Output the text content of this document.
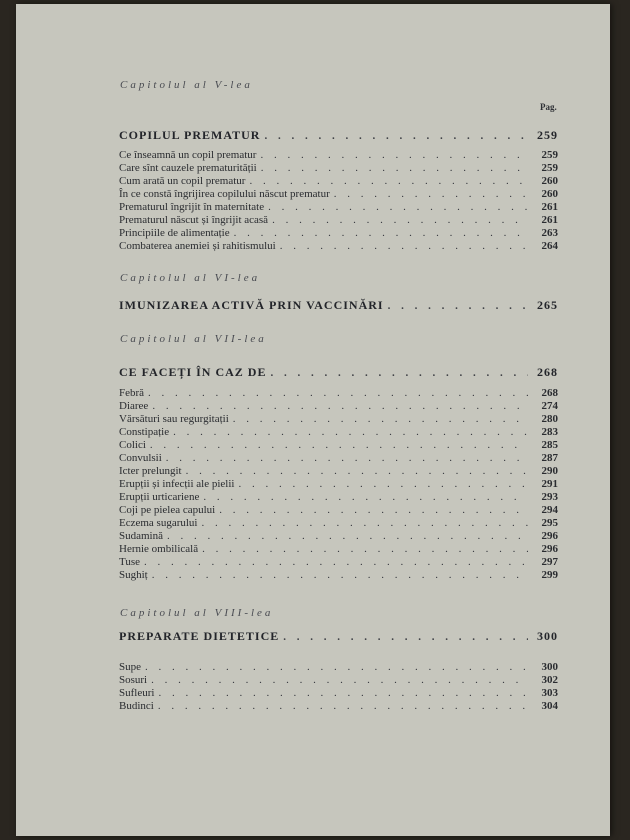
Capitolul al V-lea
Pag.
COPILUL PREMATUR . . .	259
Ce înseamnă un copil prematur . . .	259
Care sînt cauzele prematurității . . .	259
Cum arată un copil prematur . . .	260
În ce constă îngrijirea copilului născut prematur . . .	260
Prematurul îngrijit în maternitate . . .	261
Prematurul născut și îngrijit acasă . . .	261
Principiile de alimentație . . .	263
Combaterea anemiei și rahitismului . . .	264
Capitolul al VI-lea
IMUNIZAREA ACTIVĂ PRIN VACCINĂRI . . .	265
Capitolul al VII-lea
CE FACEȚI ÎN CAZ DE . . .	268
Febră . . .	268
Diaree . . .	274
Vărsături sau regurgitații . . .	280
Constipație . . .	283
Colici . . .	285
Convulsii . . .	287
Icter prelungit . . .	290
Erupții și infecții ale pielii . . .	291
Erupții urticariene . . .	293
Coji pe pielea capului . . .	294
Eczema sugarului . . .	295
Sudamină . . .	296
Hernie ombilicală . . .	296
Tuse . . .	297
Sughiț . . .	299
Capitolul al VIII-lea
PREPARATE DIETETICE . . .	300
Supe . . .	300
Sosuri . . .	302
Sufleuri . . .	303
Budinci . . .	304
